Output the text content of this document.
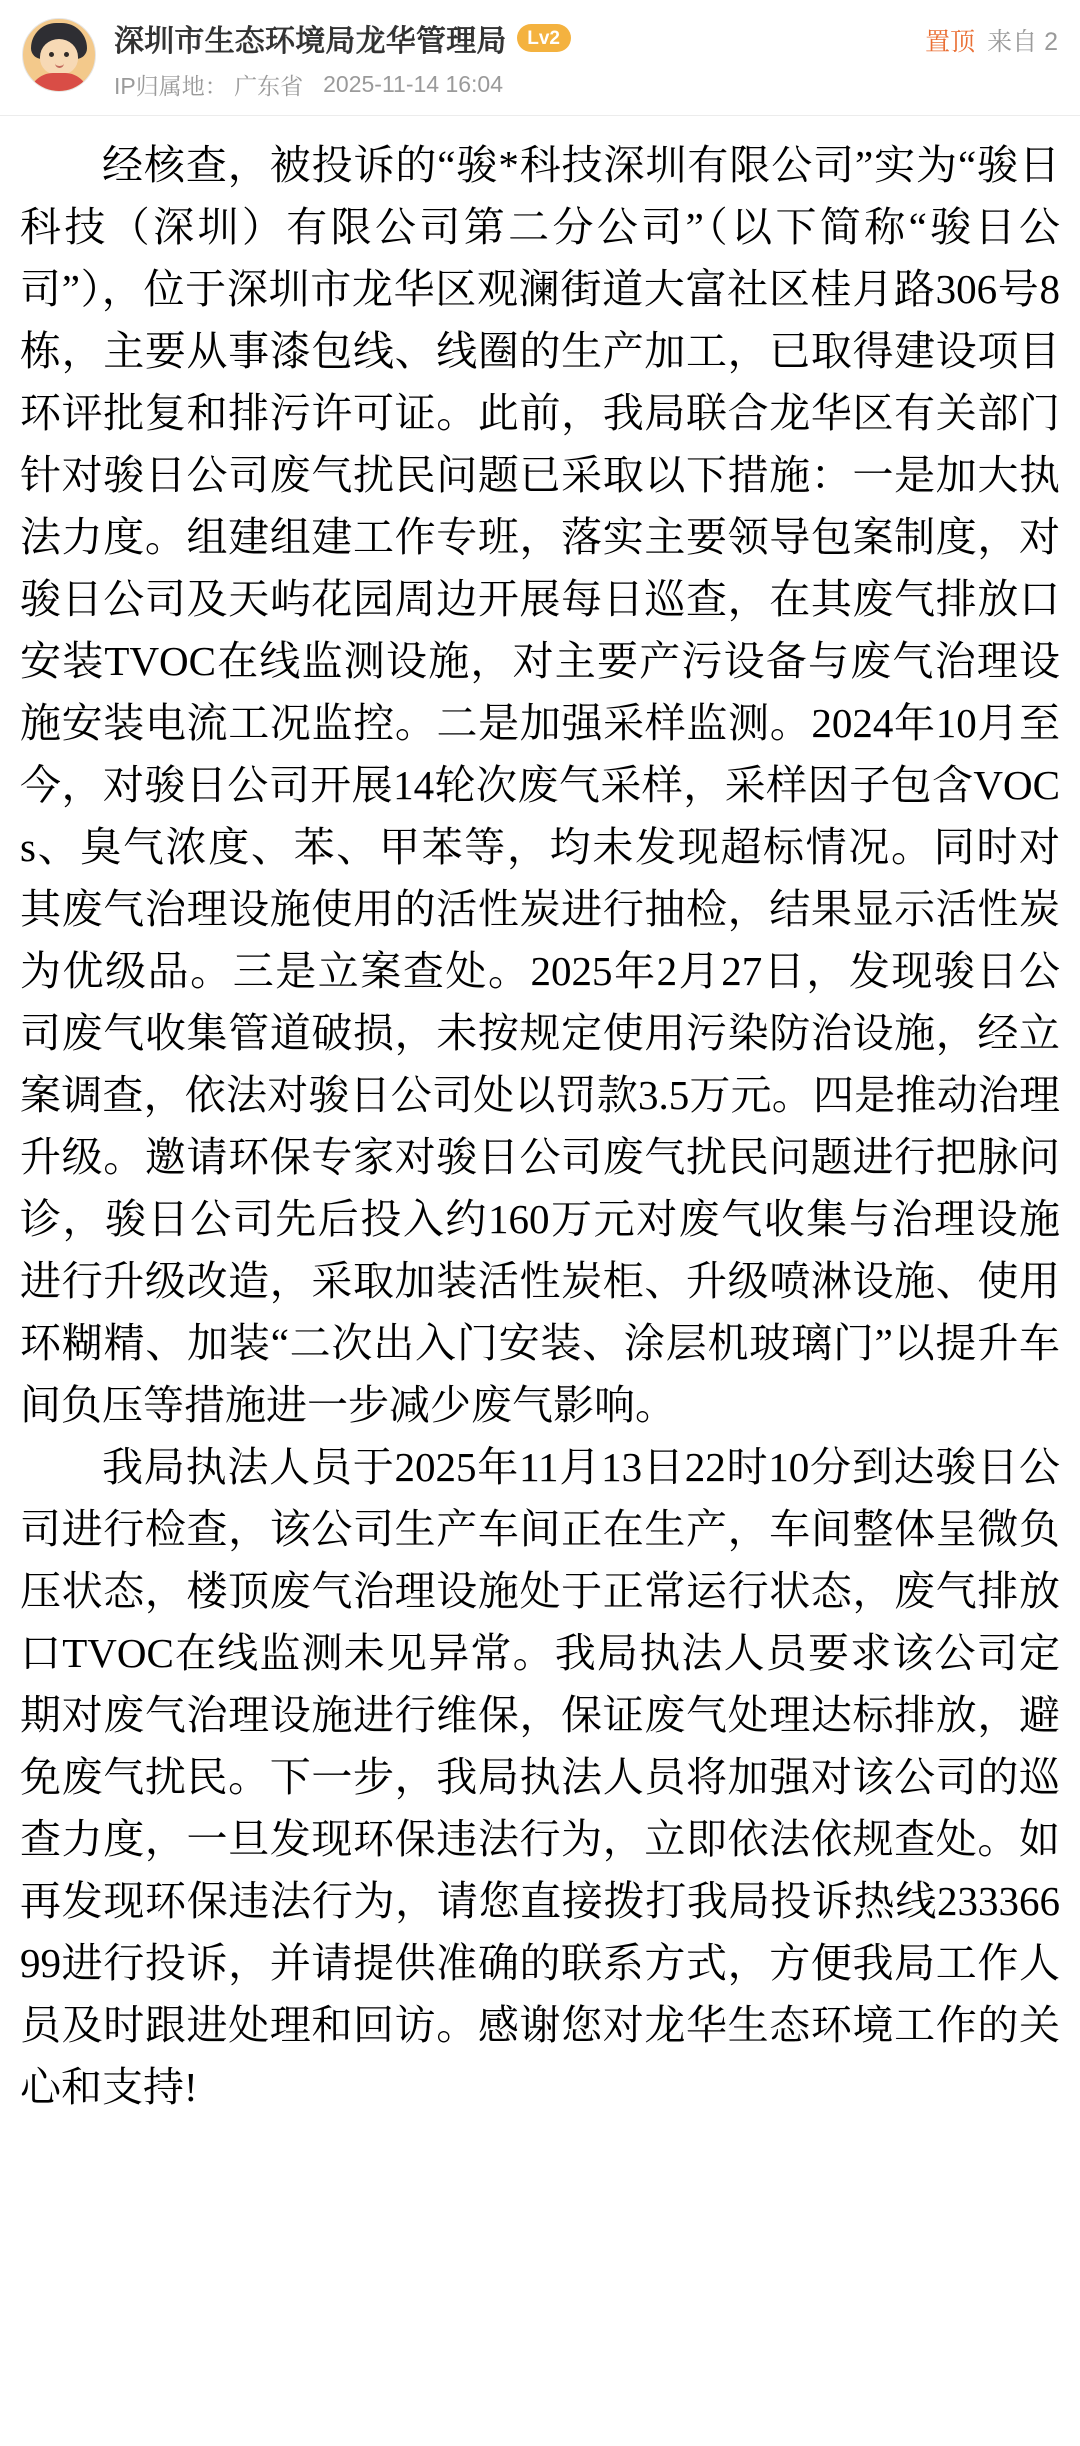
深圳市生态环境局龙华管理局	Lv2
IP归属地： 广东省 2025-11-14 16:04
置顶 来自 2

经核查，被投诉的“骏*科技深圳有限公司”实为“骏日科技（深圳）有限公司第二分公司”（以下简称“骏日公司”），位于深圳市龙华区观澜街道大富社区桂月路306号8栋，主要从事漆包线、线圈的生产加工，已取得建设项目环评批复和排污许可证。此前，我局联合龙华区有关部门针对骏日公司废气扰民问题已采取以下措施：一是加大执法力度。组建组建工作专班，落实主要领导包案制度，对骏日公司及天屿花园周边开展每日巡查，在其废气排放口安装TVOC在线监测设施，对主要产污设备与废气治理设施安装电流工况监控。二是加强采样监测。2024年10月至今，对骏日公司开展14轮次废气采样，采样因子包含VOCs、臭气浓度、苯、甲苯等，均未发现超标情况。同时对其废气治理设施使用的活性炭进行抽检，结果显示活性炭为优级品。三是立案查处。2025年2月27日，发现骏日公司废气收集管道破损，未按规定使用污染防治设施，经立案调查，依法对骏日公司处以罚款3.5万元。四是推动治理升级。邀请环保专家对骏日公司废气扰民问题进行把脉问诊，骏日公司先后投入约160万元对废气收集与治理设施进行升级改造，采取加装活性炭柜、升级喷淋设施、使用环糊精、加装“二次出入门安装、涂层机玻璃门”以提升车间负压等措施进一步减少废气影响。

我局执法人员于2025年11月13日22时10分到达骏日公司进行检查，该公司生产车间正在生产，车间整体呈微负压状态，楼顶废气治理设施处于正常运行状态，废气排放口TVOC在线监测未见异常。我局执法人员要求该公司定期对废气治理设施进行维保，保证废气处理达标排放，避免废气扰民。下一步，我局执法人员将加强对该公司的巡查力度，一旦发现环保违法行为，立即依法依规查处。如再发现环保违法行为，请您直接拨打我局投诉热线23336699进行投诉，并请提供准确的联系方式，方便我局工作人员及时跟进处理和回访。感谢您对龙华生态环境工作的关心和支持!
